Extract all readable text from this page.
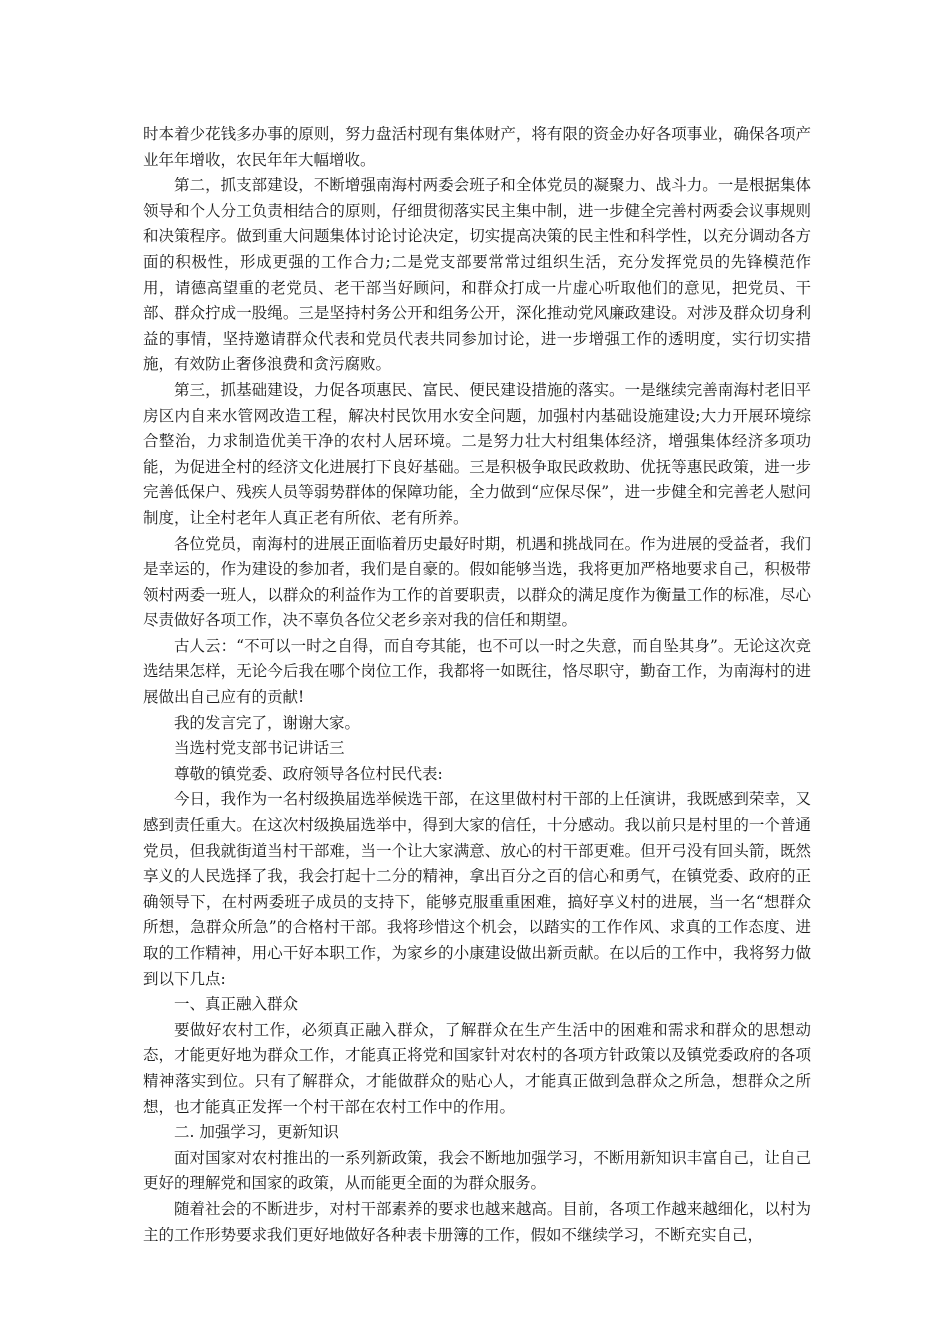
时本着少花钱多办事的原则，努力盘活村现有集体财产，将有限的资金办好各项事业，确保各项产业年年增收，农民年年大幅增收。

第二，抓支部建设，不断增强南海村两委会班子和全体党员的凝聚力、战斗力。一是根据集体领导和个人分工负责相结合的原则，仔细贯彻落实民主集中制，进一步健全完善村两委会议事规则和决策程序。做到重大问题集体讨论讨论决定，切实提高决策的民主性和科学性，以充分调动各方面的积极性，形成更强的工作合力;二是党支部要常常过组织生活，充分发挥党员的先锋模范作用，请德高望重的老党员、老干部当好顾问，和群众打成一片虚心听取他们的意见，把党员、干部、群众拧成一股绳。三是坚持村务公开和组务公开，深化推动党风廉政建设。对涉及群众切身利益的事情，坚持邀请群众代表和党员代表共同参加讨论，进一步增强工作的透明度，实行切实措施，有效防止奢侈浪费和贪污腐败。

第三，抓基础建设，力促各项惠民、富民、便民建设措施的落实。一是继续完善南海村老旧平房区内自来水管网改造工程，解决村民饮用水安全问题，加强村内基础设施建设;大力开展环境综合整治，力求制造优美干净的农村人居环境。二是努力壮大村组集体经济，增强集体经济多项功能，为促进全村的经济文化进展打下良好基础。三是积极争取民政救助、优抚等惠民政策，进一步完善低保户、残疾人员等弱势群体的保障功能，全力做到“应保尽保”，进一步健全和完善老人慰问制度，让全村老年人真正老有所依、老有所养。

各位党员，南海村的进展正面临着历史最好时期，机遇和挑战同在。作为进展的受益者，我们是幸运的，作为建设的参加者，我们是自豪的。假如能够当选，我将更加严格地要求自己，积极带领村两委一班人，以群众的利益作为工作的首要职责，以群众的满足度作为衡量工作的标准，尽心尽责做好各项工作，决不辜负各位父老乡亲对我的信任和期望。

古人云：“不可以一时之自得，而自夸其能，也不可以一时之失意，而自坠其身”。无论这次竞选结果怎样，无论今后我在哪个岗位工作，我都将一如既往，恪尽职守，勤奋工作，为南海村的进展做出自己应有的贡献!

我的发言完了，谢谢大家。

当选村党支部书记讲话三

尊敬的镇党委、政府领导各位村民代表:

今日，我作为一名村级换届选举候选干部，在这里做村村干部的上任演讲，我既感到荣幸，又感到责任重大。在这次村级换届选举中，得到大家的信任，十分感动。我以前只是村里的一个普通党员，但我就街道当村干部难，当一个让大家满意、放心的村干部更难。但开弓没有回头箭，既然享义的人民选择了我，我会打起十二分的精神，拿出百分之百的信心和勇气，在镇党委、政府的正确领导下，在村两委班子成员的支持下，能够克服重重困难，搞好享义村的进展，当一名“想群众所想，急群众所急”的合格村干部。我将珍惜这个机会，以踏实的工作作风、求真的工作态度、进取的工作精神，用心干好本职工作，为家乡的小康建设做出新贡献。在以后的工作中，我将努力做到以下几点:

一、真正融入群众

要做好农村工作，必须真正融入群众，了解群众在生产生活中的困难和需求和群众的思想动态，才能更好地为群众工作，才能真正将党和国家针对农村的各项方针政策以及镇党委政府的各项精神落实到位。只有了解群众，才能做群众的贴心人，才能真正做到急群众之所急，想群众之所想，也才能真正发挥一个村干部在农村工作中的作用。

二. 加强学习，更新知识

面对国家对农村推出的一系列新政策，我会不断地加强学习，不断用新知识丰富自己，让自己更好的理解党和国家的政策，从而能更全面的为群众服务。

随着社会的不断进步，对村干部素养的要求也越来越高。目前，各项工作越来越细化，以村为主的工作形势要求我们更好地做好各种表卡册簿的工作，假如不继续学习，不断充实自己，
